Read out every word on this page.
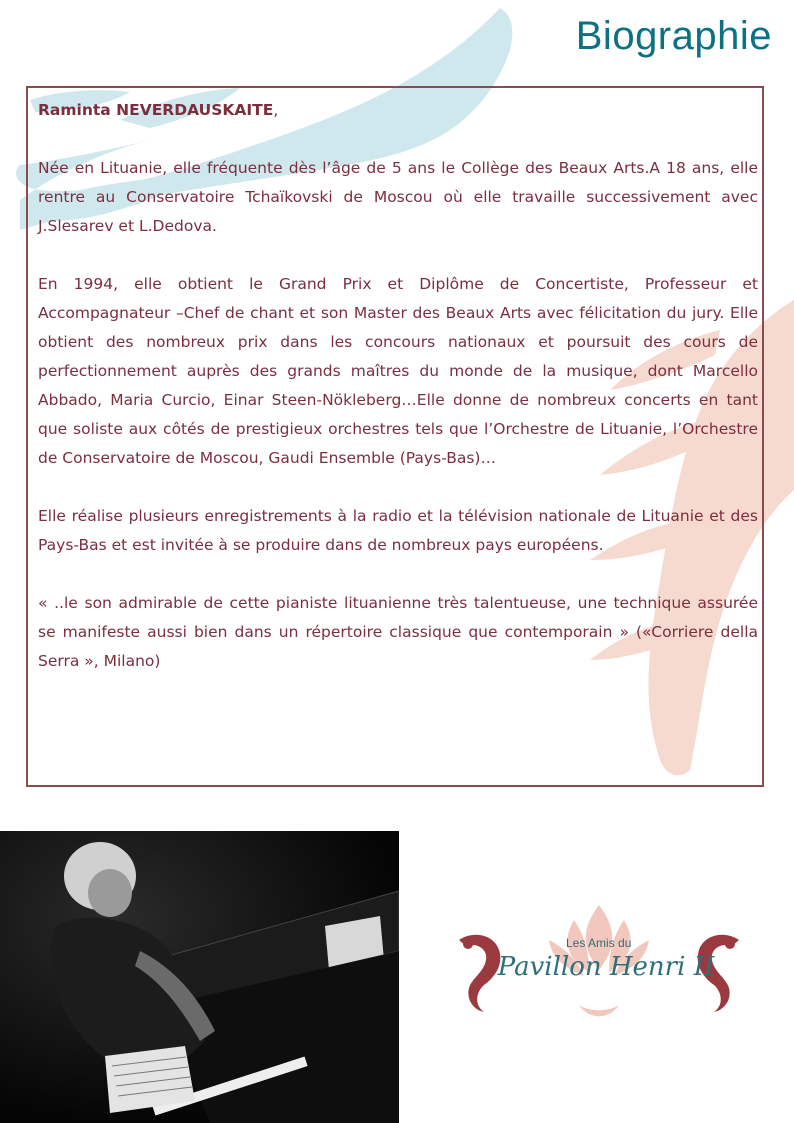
Biographie

Raminta NEVERDAUSKAITE,

Née en Lituanie, elle fréquente dès l’âge de 5 ans le Collège des Beaux Arts.A 18 ans, elle rentre au Conservatoire Tchaïkovski de Moscou où elle travaille successivement avec J.Slesarev et L.Dedova.

En 1994, elle obtient le Grand Prix et Diplôme de Concertiste, Professeur et Accompagnateur –Chef de chant et son Master des Beaux Arts avec félicitation du jury. Elle obtient des nombreux prix dans les concours nationaux et poursuit des cours de perfectionnement auprès des grands maîtres du monde de la musique, dont Marcello Abbado, Maria Curcio, Einar Steen-Nökleberg…Elle donne de nombreux concerts en tant que soliste aux côtés de prestigieux orchestres tels que l’Orchestre de Lituanie, l’Orchestre de Conservatoire de Moscou, Gaudi Ensemble (Pays-Bas)…

Elle réalise plusieurs enregistrements à la radio et la télévision nationale de Lituanie et des Pays-Bas et est invitée à se produire dans de nombreux pays européens.

« ..le son admirable de cette pianiste lituanienne très talentueuse, une technique assurée se manifeste aussi bien dans un répertoire classique que contemporain » («Corriere della Serra », Milano)

Les Amis du
Pavillon Henri II
